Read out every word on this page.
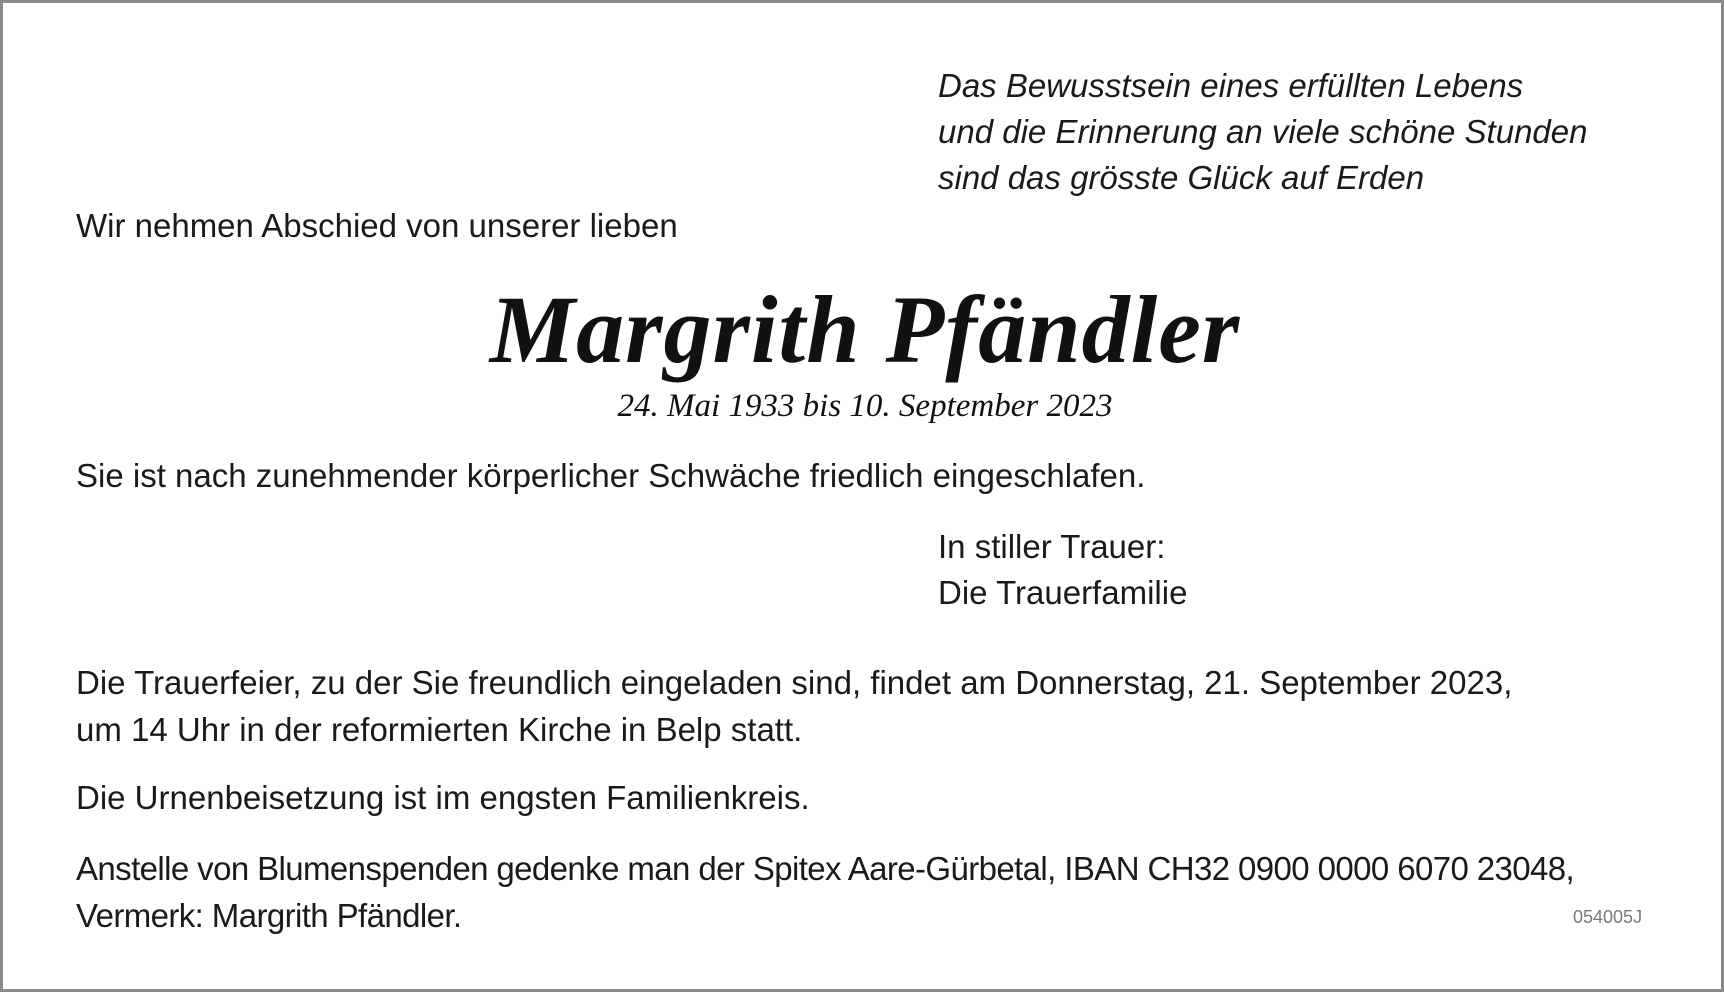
Das Bewusstsein eines erfüllten Lebens
und die Erinnerung an viele schöne Stunden
sind das grösste Glück auf Erden

Wir nehmen Abschied von unserer lieben

Margrith Pfändler

24. Mai 1933 bis 10. September 2023

Sie ist nach zunehmender körperlicher Schwäche friedlich eingeschlafen.

In stiller Trauer:
Die Trauerfamilie
Die Trauerfeier, zu der Sie freundlich eingeladen sind, findet am Donnerstag, 21. September 2023,
um 14 Uhr in der reformierten Kirche in Belp statt.

Die Urnenbeisetzung ist im engsten Familienkreis.

Anstelle von Blumenspenden gedenke man der Spitex Aare-Gürbetal, IBAN CH32 0900 0000 6070 23048,
Vermerk: Margrith Pfändler.	054005J
